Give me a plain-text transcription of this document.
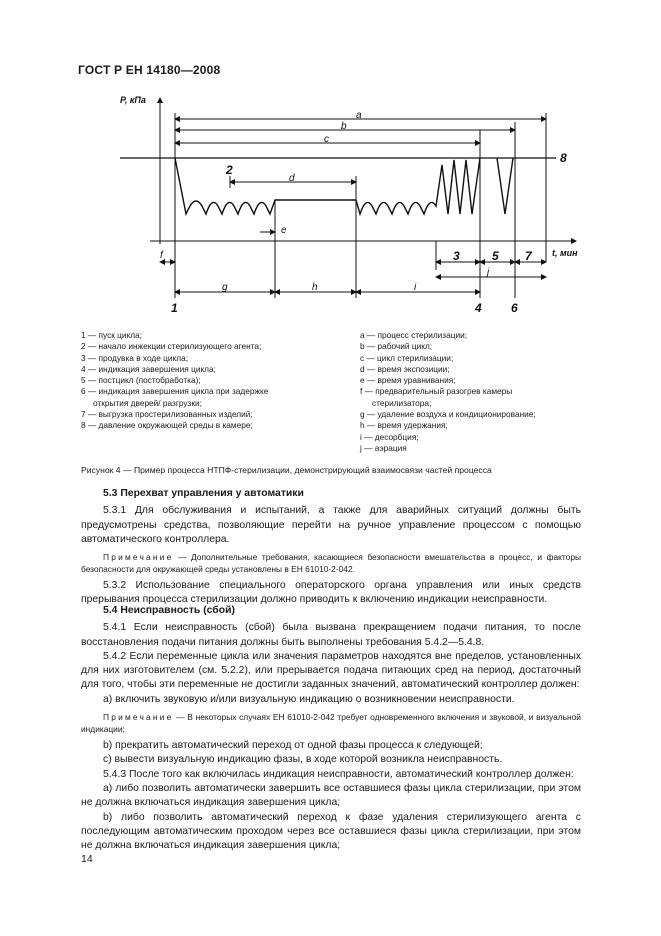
ГОСТ Р ЕН 14180—2008
P, кПа
t, мин
a
b
c
d
e
f
g	h	i
j
1
2
3
4
5
6
7
8
1 — пуск цикла;
2 — начало инжекции стерилизующего агента;
3 — продувка в ходе цикла;
4 — индикация завершения цикла;
5 — постцикл (постобработка);
6 — индикация завершения цикла при задержке
открытия дверей/ разгрузки;
7 — выгрузка простерилизованных изделий;
8 — давление окружающей среды в камере;
a — процесс стерилизации;
b — рабочий цикл;
c — цикл стерилизации;
d — время экспозиции;
e — время уравнивания;
f — предварительный разогрев камеры
стерилизатора;
g — удаление воздуха и кондиционирование;
h — время удержания;
i — десорбция;
j — аэрация
Рисунок 4 — Пример процесса НТПФ-стерилизации, демонстрирующий взаимосвязи частей процесса

5.3 Перехват управления у автоматики

5.3.1 Для обслуживания и испытаний, а также для аварийных ситуаций должны быть предусмотрены средства, позволяющие перейти на ручное управление процессом с помощью автоматического контроллера.

Примечание — Дополнительные требования, касающиеся безопасности вмешательства в процесс, и факторы безопасности для окружающей среды установлены в ЕН 61010-2-042.

5.3.2 Использование специального операторского органа управления или иных средств прерывания процесса стерилизации должно приводить к включению индикации неисправности.

5.4 Неисправность (сбой)

5.4.1 Если неисправность (сбой) была вызвана прекращением подачи питания, то после восстановления подачи питания должны быть выполнены требования 5.4.2—5.4.8.

5.4.2 Если переменные цикла или значения параметров находятся вне пределов, установленных для них изготовителем (см. 5.2.2), или прерывается подача питающих сред на период, достаточный для того, чтобы эти переменные не достигли заданных значений, автоматический контроллер должен:

a) включить звуковую и/или визуальную индикацию о возникновении неисправности.

Примечание — В некоторых случаях ЕН 61010-2-042 требует одновременного включения и звуковой, и визуальной индикации;

b) прекратить автоматический переход от одной фазы процесса к следующей;

c) вывести визуальную индикацию фазы, в ходе которой возникла неисправность.

5.4.3 После того как включилась индикация неисправности, автоматический контроллер должен:

a) либо позволить автоматически завершить все оставшиеся фазы цикла стерилизации, при этом не должна включаться индикация завершения цикла;

b) либо позволить автоматический переход к фазе удаления стерилизующего агента с последующим автоматическим проходом через все оставшиеся фазы цикла стерилизации, при этом не должна включаться индикация завершения цикла;

14
